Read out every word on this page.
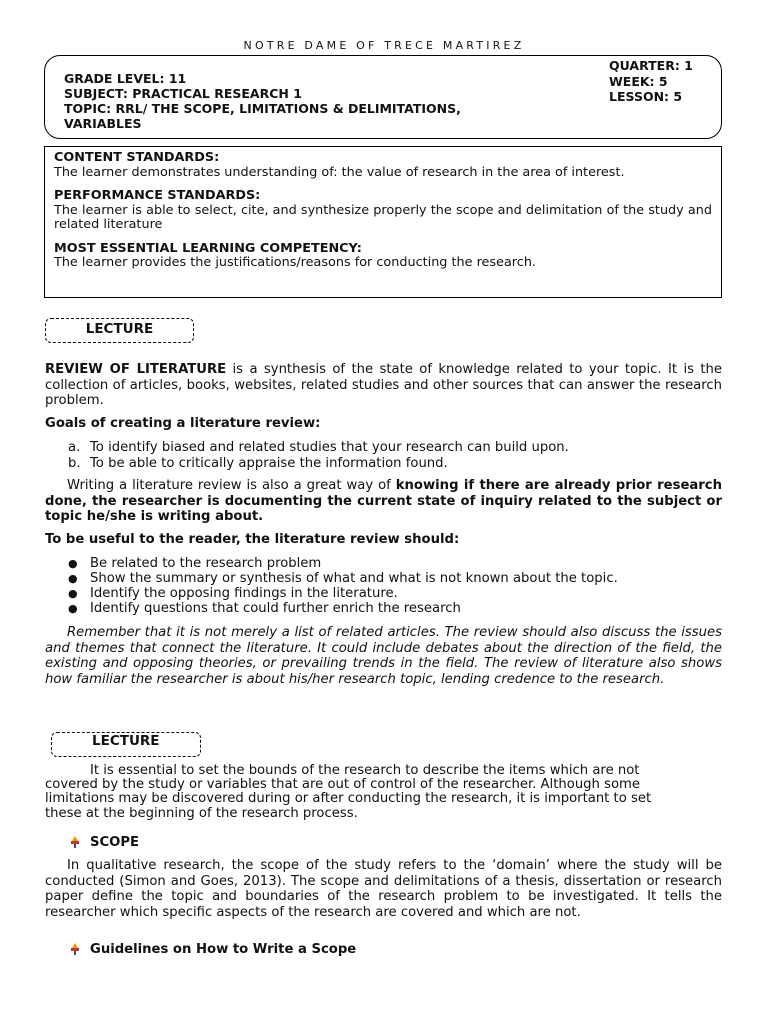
NOTRE DAME OF TRECE MARTIREZ
GRADE LEVEL: 11
SUBJECT: PRACTICAL RESEARCH 1
TOPIC: RRL/ THE SCOPE, LIMITATIONS & DELIMITATIONS,
VARIABLES
QUARTER: 1
WEEK: 5
LESSON: 5
CONTENT STANDARDS:
The learner demonstrates understanding of: the value of research in the area of interest.
PERFORMANCE STANDARDS:
The learner is able to select, cite, and synthesize properly the scope and delimitation of the study and related literature
MOST ESSENTIAL LEARNING COMPETENCY:
The learner provides the justifications/reasons for conducting the research.
LECTURE
REVIEW OF LITERATURE is a synthesis of the state of knowledge related to your topic. It is the collection of articles, books, websites, related studies and other sources that can answer the research problem.
Goals of creating a literature review:
a. To identify biased and related studies that your research can build upon.
b. To be able to critically appraise the information found.
Writing a literature review is also a great way of knowing if there are already prior research done, the researcher is documenting the current state of inquiry related to the subject or topic he/she is writing about.
To be useful to the reader, the literature review should:
● Be related to the research problem
● Show the summary or synthesis of what and what is not known about the topic.
● Identify the opposing findings in the literature.
● Identify questions that could further enrich the research
Remember that it is not merely a list of related articles. The review should also discuss the issues and themes that connect the literature. It could include debates about the direction of the field, the existing and opposing theories, or prevailing trends in the field. The review of literature also shows how familiar the researcher is about his/her research topic, lending credence to the research.
LECTURE
It is essential to set the bounds of the research to describe the items which are not
covered by the study or variables that are out of control of the researcher. Although some
limitations may be discovered during or after conducting the research, it is important to set
these at the beginning of the research process.
SCOPE
In qualitative research, the scope of the study refers to the ‘domain’ where the study will be conducted (Simon and Goes, 2013). The scope and delimitations of a thesis, dissertation or research paper define the topic and boundaries of the research problem to be investigated. It tells the researcher which specific aspects of the research are covered and which are not.
Guidelines on How to Write a Scope
